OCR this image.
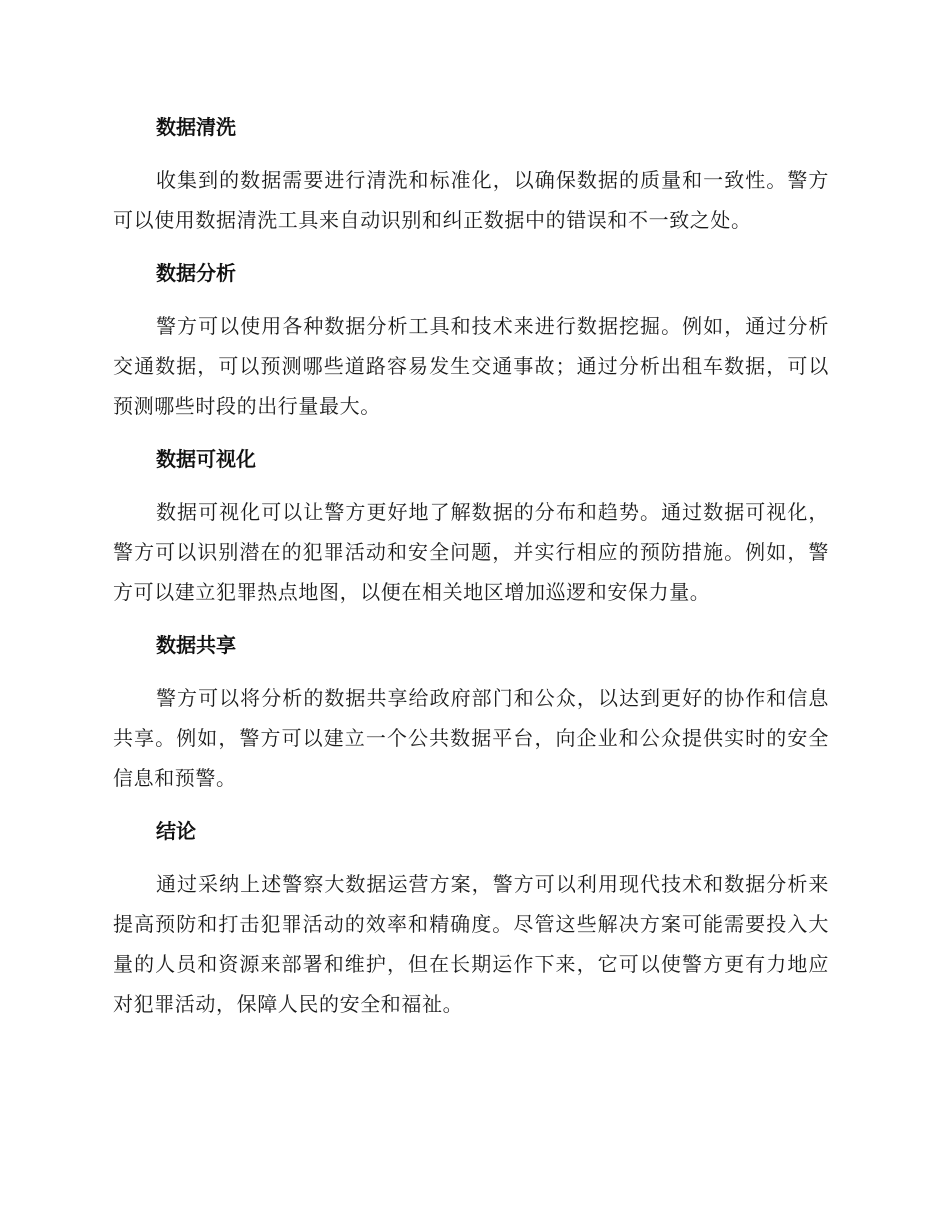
数据清洗

收集到的数据需要进行清洗和标准化，以确保数据的质量和一致性。警方可以使用数据清洗工具来自动识别和纠正数据中的错误和不一致之处。

数据分析

警方可以使用各种数据分析工具和技术来进行数据挖掘。例如，通过分析交通数据，可以预测哪些道路容易发生交通事故；通过分析出租车数据，可以预测哪些时段的出行量最大。

数据可视化

数据可视化可以让警方更好地了解数据的分布和趋势。通过数据可视化，警方可以识别潜在的犯罪活动和安全问题，并实行相应的预防措施。例如，警方可以建立犯罪热点地图，以便在相关地区增加巡逻和安保力量。

数据共享

警方可以将分析的数据共享给政府部门和公众，以达到更好的协作和信息共享。例如，警方可以建立一个公共数据平台，向企业和公众提供实时的安全信息和预警。

结论

通过采纳上述警察大数据运营方案，警方可以利用现代技术和数据分析来提高预防和打击犯罪活动的效率和精确度。尽管这些解决方案可能需要投入大量的人员和资源来部署和维护，但在长期运作下来，它可以使警方更有力地应对犯罪活动，保障人民的安全和福祉。
